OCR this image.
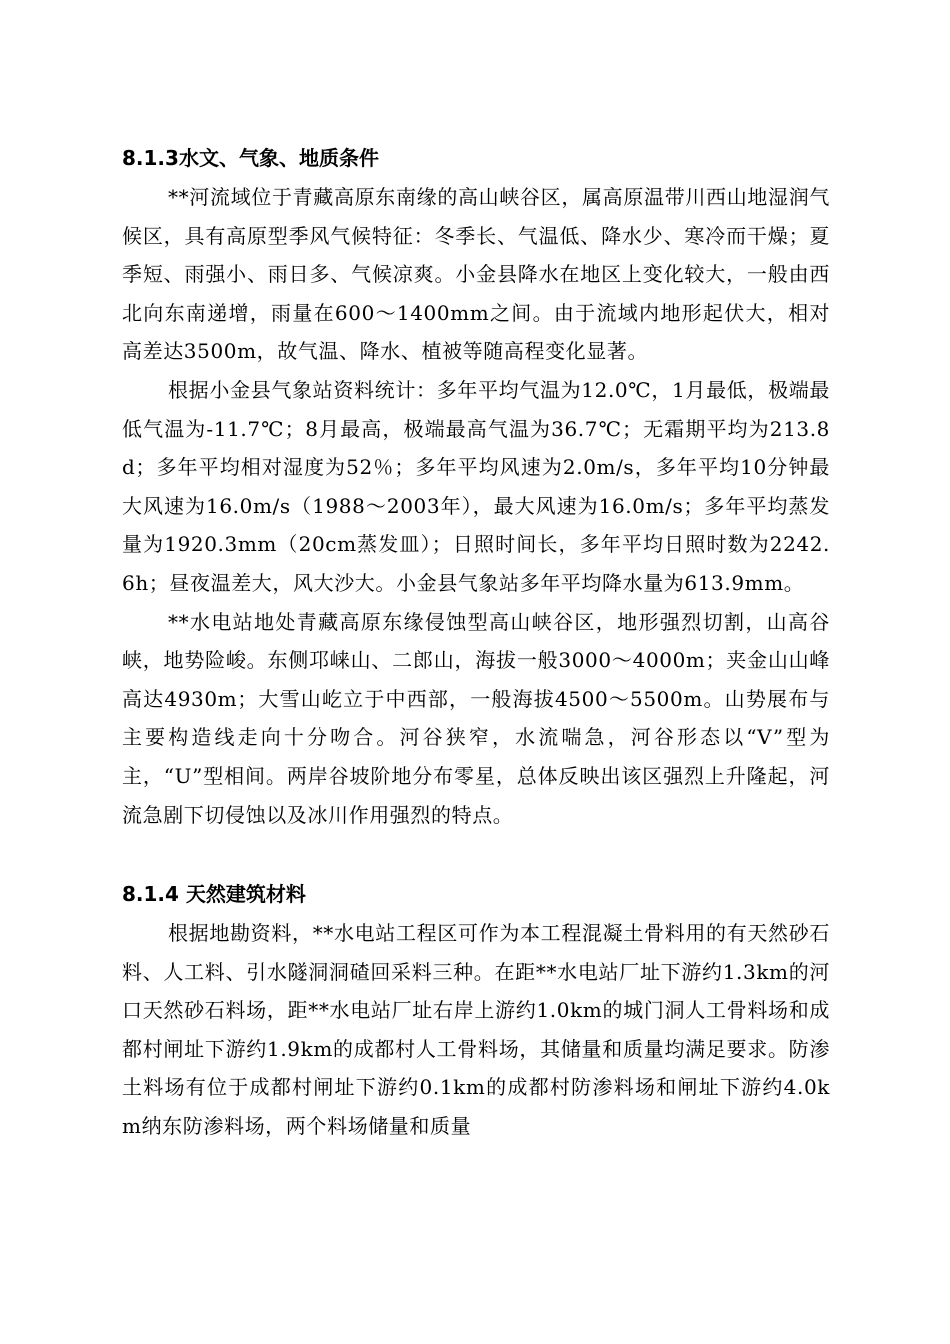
8.1.3水文、气象、地质条件

**河流域位于青藏高原东南缘的高山峡谷区，属高原温带川西山地湿润气候区，具有高原型季风气候特征：冬季长、气温低、降水少、寒冷而干燥；夏季短、雨强小、雨日多、气候凉爽。小金县降水在地区上变化较大，一般由西北向东南递增，雨量在600～1400mm之间。由于流域内地形起伏大，相对高差达3500m，故气温、降水、植被等随高程变化显著。

根据小金县气象站资料统计：多年平均气温为12.0℃，1月最低，极端最低气温为-11.7℃；8月最高，极端最高气温为36.7℃；无霜期平均为213.8d；多年平均相对湿度为52％；多年平均风速为2.0m/s，多年平均10分钟最大风速为16.0m/s（1988～2003年），最大风速为16.0m/s；多年平均蒸发量为1920.3mm（20cm蒸发皿）；日照时间长，多年平均日照时数为2242.6h；昼夜温差大，风大沙大。小金县气象站多年平均降水量为613.9mm。

**水电站地处青藏高原东缘侵蚀型高山峡谷区，地形强烈切割，山高谷峡，地势险峻。东侧邛崃山、二郎山，海拔一般3000～4000m；夹金山山峰高达4930m；大雪山屹立于中西部，一般海拔4500～5500m。山势展布与主要构造线走向十分吻合。河谷狭窄，水流喘急，河谷形态以“V”型为主，“U”型相间。两岸谷坡阶地分布零星，总体反映出该区强烈上升隆起，河流急剧下切侵蚀以及冰川作用强烈的特点。

8.1.4 天然建筑材料

根据地勘资料，**水电站工程区可作为本工程混凝土骨料用的有天然砂石料、人工料、引水隧洞洞碴回采料三种。在距**水电站厂址下游约1.3km的河口天然砂石料场，距**水电站厂址右岸上游约1.0km的城门洞人工骨料场和成都村闸址下游约1.9km的成都村人工骨料场，其储量和质量均满足要求。防渗土料场有位于成都村闸址下游约0.1km的成都村防渗料场和闸址下游约4.0km纳东防渗料场，两个料场储量和质量
